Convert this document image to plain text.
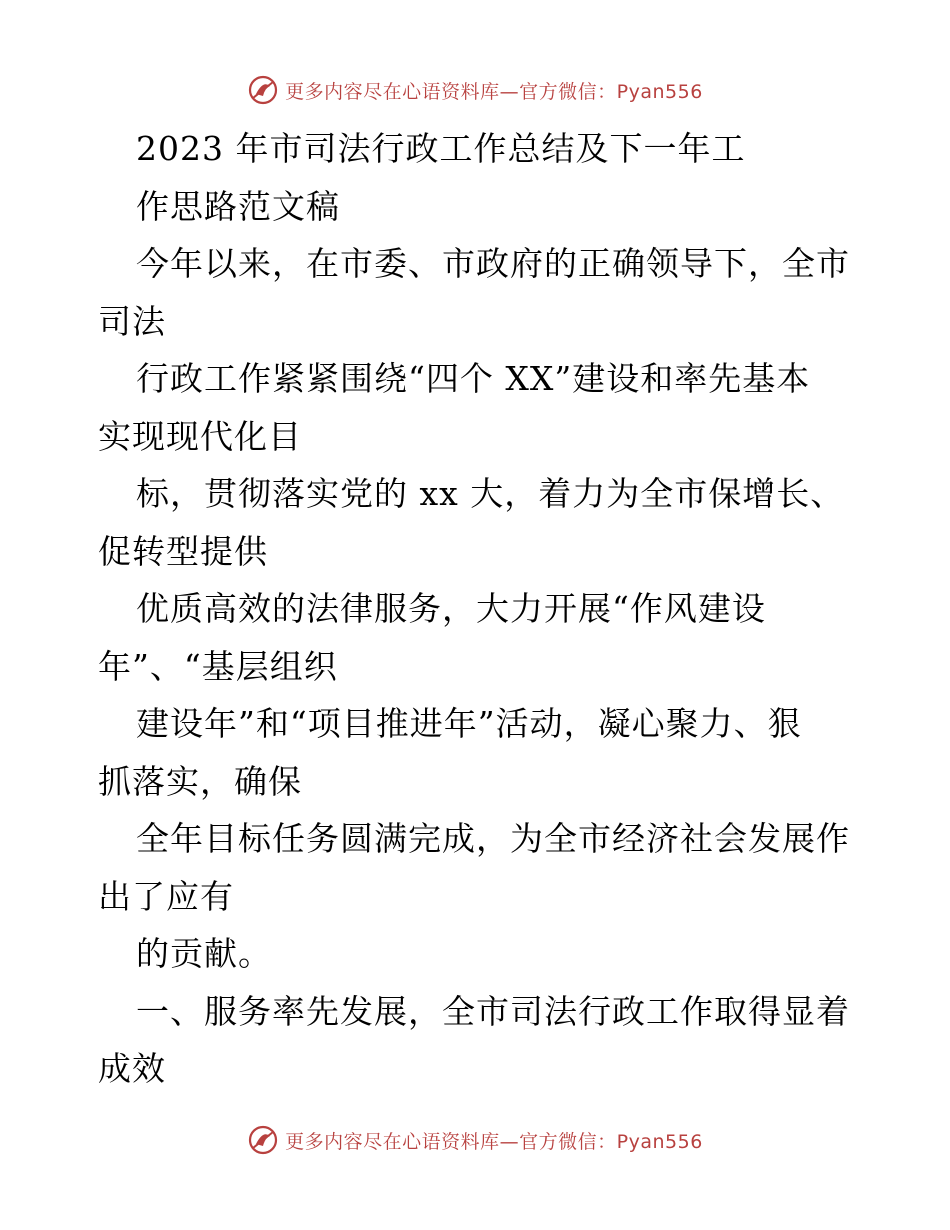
更多内容尽在心语资料库—官方微信：Pyan556
2023 年市司法行政工作总结及下一年工
作思路范文稿
今年以来，在市委、市政府的正确领导下，全市
司法
行政工作紧紧围绕“四个 XX”建设和率先基本
实现现代化目
标，贯彻落实党的 xx 大，着力为全市保增长、
促转型提供
优质高效的法律服务，大力开展“作风建设
年”、“基层组织
建设年”和“项目推进年”活动，凝心聚力、狠
抓落实，确保
全年目标任务圆满完成，为全市经济社会发展作
出了应有
的贡献。
一、服务率先发展，全市司法行政工作取得显着
成效
更多内容尽在心语资料库—官方微信：Pyan556
